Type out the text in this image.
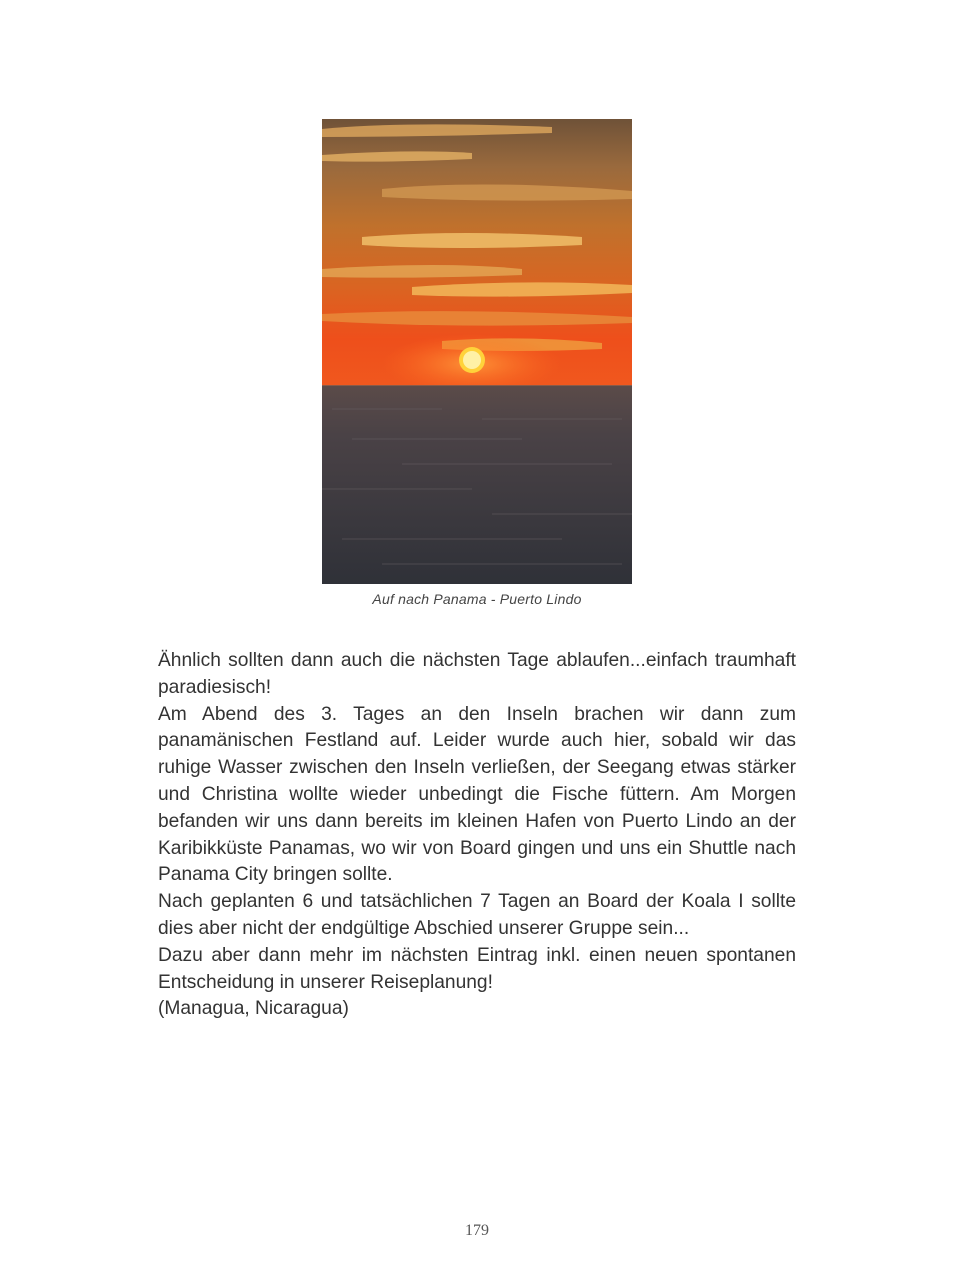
Auf nach Panama - Puerto Lindo

Ähnlich sollten dann auch die nächsten Tage ablaufen...einfach traumhaft paradiesisch!

Am Abend des 3. Tages an den Inseln brachen wir dann zum panamänischen Festland auf. Leider wurde auch hier, sobald wir das ruhige Wasser zwischen den Inseln verließen, der Seegang etwas stärker und Christina wollte wieder unbedingt die Fische füttern. Am Morgen befanden wir uns dann bereits im kleinen Hafen von Puerto Lindo an der Karibikküste Panamas, wo wir von Board gingen und uns ein Shuttle nach Panama City bringen sollte.

Nach geplanten 6 und tatsächlichen 7 Tagen an Board der Koala I sollte dies aber nicht der endgültige Abschied unserer Gruppe sein...

Dazu aber dann mehr im nächsten Eintrag inkl. einen neuen spontanen Entscheidung in unserer Reiseplanung!

(Managua, Nicaragua)

179
